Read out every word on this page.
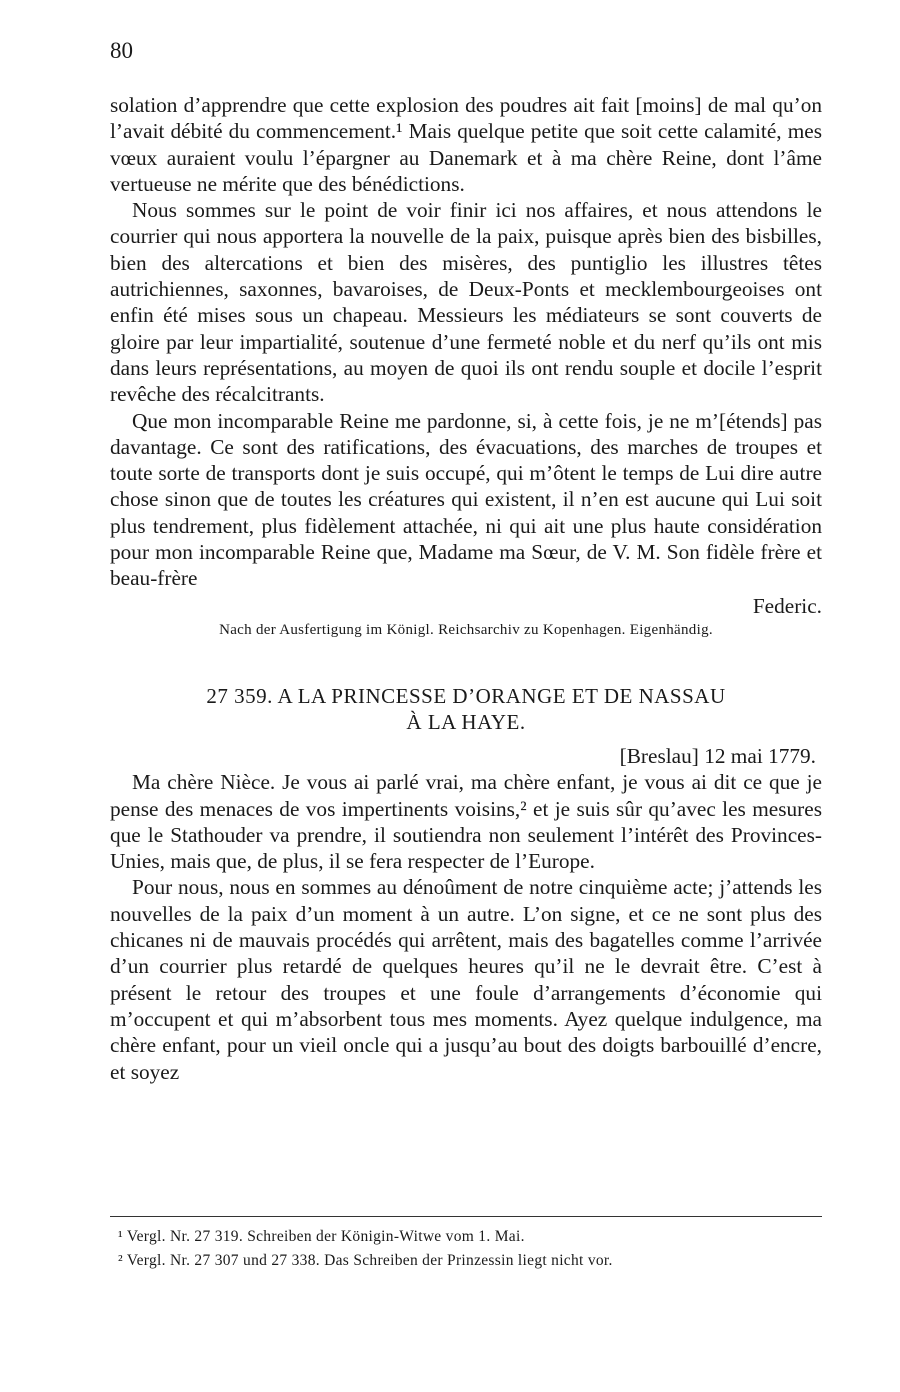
80

solation d’apprendre que cette explosion des poudres ait fait [moins] de mal qu’on l’avait débité du commencement.¹ Mais quelque petite que soit cette calamité, mes vœux auraient voulu l’épargner au Danemark et à ma chère Reine, dont l’âme vertueuse ne mérite que des bénédictions.

Nous sommes sur le point de voir finir ici nos affaires, et nous attendons le courrier qui nous apportera la nouvelle de la paix, puisque après bien des bisbilles, bien des altercations et bien des misères, des puntiglio les illustres têtes autrichiennes, saxonnes, bavaroises, de Deux-Ponts et mecklembourgeoises ont enfin été mises sous un chapeau. Messieurs les médiateurs se sont couverts de gloire par leur impartialité, soutenue d’une fermeté noble et du nerf qu’ils ont mis dans leurs représentations, au moyen de quoi ils ont rendu souple et docile l’esprit revêche des récalcitrants.

Que mon incomparable Reine me pardonne, si, à cette fois, je ne m’[étends] pas davantage. Ce sont des ratifications, des évacuations, des marches de troupes et toute sorte de transports dont je suis occupé, qui m’ôtent le temps de Lui dire autre chose sinon que de toutes les créatures qui existent, il n’en est aucune qui Lui soit plus tendrement, plus fidèlement attachée, ni qui ait une plus haute considération pour mon incomparable Reine que, Madame ma Sœur, de V. M. Son fidèle frère et beau-frère

Federic.

Nach der Ausfertigung im Königl. Reichsarchiv zu Kopenhagen. Eigenhändig.

27 359. A LA PRINCESSE D’ORANGE ET DE NASSAU

À LA HAYE.

[Breslau] 12 mai 1779.

Ma chère Nièce. Je vous ai parlé vrai, ma chère enfant, je vous ai dit ce que je pense des menaces de vos impertinents voisins,² et je suis sûr qu’avec les mesures que le Stathouder va prendre, il soutiendra non seulement l’intérêt des Provinces-Unies, mais que, de plus, il se fera respecter de l’Europe.

Pour nous, nous en sommes au dénoûment de notre cinquième acte; j’attends les nouvelles de la paix d’un moment à un autre. L’on signe, et ce ne sont plus des chicanes ni de mauvais procédés qui arrêtent, mais des bagatelles comme l’arrivée d’un courrier plus retardé de quelques heures qu’il ne le devrait être. C’est à présent le retour des troupes et une foule d’arrangements d’économie qui m’occupent et qui m’absorbent tous mes moments. Ayez quelque indulgence, ma chère enfant, pour un vieil oncle qui a jusqu’au bout des doigts barbouillé d’encre, et soyez

¹ Vergl. Nr. 27 319. Schreiben der Königin-Witwe vom 1. Mai.

² Vergl. Nr. 27 307 und 27 338. Das Schreiben der Prinzessin liegt nicht vor.
